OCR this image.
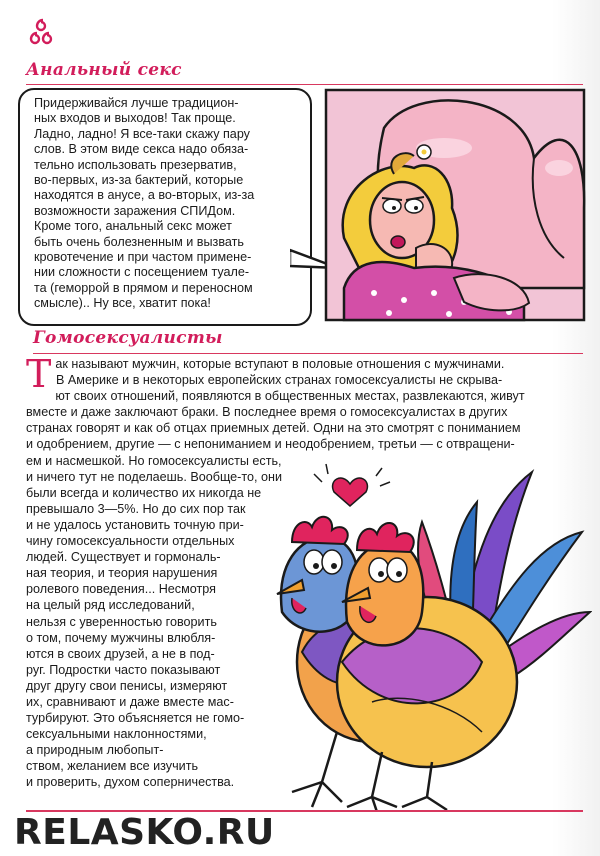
Анальный секс

Придерживайся лучше традицион-
ных входов и выходов! Так проще.

Ладно, ладно! Я все-таки скажу пару
слов. В этом виде секса надо обяза-
тельно использовать презерватив,
во-первых, из-за бактерий, которые
находятся в анусе, а во-вторых, из-за
возможности заражения СПИДом.

Кроме того, анальный секс может
быть очень болезненным и вызвать
кровотечение и при частом примене-
нии сложности с посещением туале-
та (геморрой в прямом и переносном
смысле).. Ну все, хватит пока!

Гомосексуалисты
Т ак называют мужчин, которые вступают в половые отношения с мужчинами.
В Америке и в некоторых европейских странах гомосексуалисты не скрыва-
ют своих отношений, появляются в общественных местах, развлекаются, живут
вместе и даже заключают браки. В последнее время о гомосексуалистах в других
странах говорят и как об отцах приемных детей. Одни на это смотрят с пониманием
и одобрением, другие — с непониманием и неодобрением, третьи — с отвращени-
ем и насмешкой. Но гомосексуалисты есть,
и ничего тут не поделаешь. Вообще-то, они
были всегда и количество их никогда не
превышало 3—5%. Но до сих пор так
и не удалось установить точную при-
чину гомосексуальности отдельных
людей. Существует и гормональ-
ная теория, и теория нарушения
ролевого поведения... Несмотря
на целый ряд исследований,
нельзя с уверенностью говорить
о том, почему мужчины влюбля-
ются в своих друзей, а не в под-
руг. Подростки часто показывают
друг другу свои пенисы, измеряют
их, сравнивают и даже вместе мас-
турбируют. Это объясняется не гомо-
сексуальными наклонностями,
а природным любопыт-
ством, желанием все изучить
и проверить, духом соперничества.
RELASKO.RU
